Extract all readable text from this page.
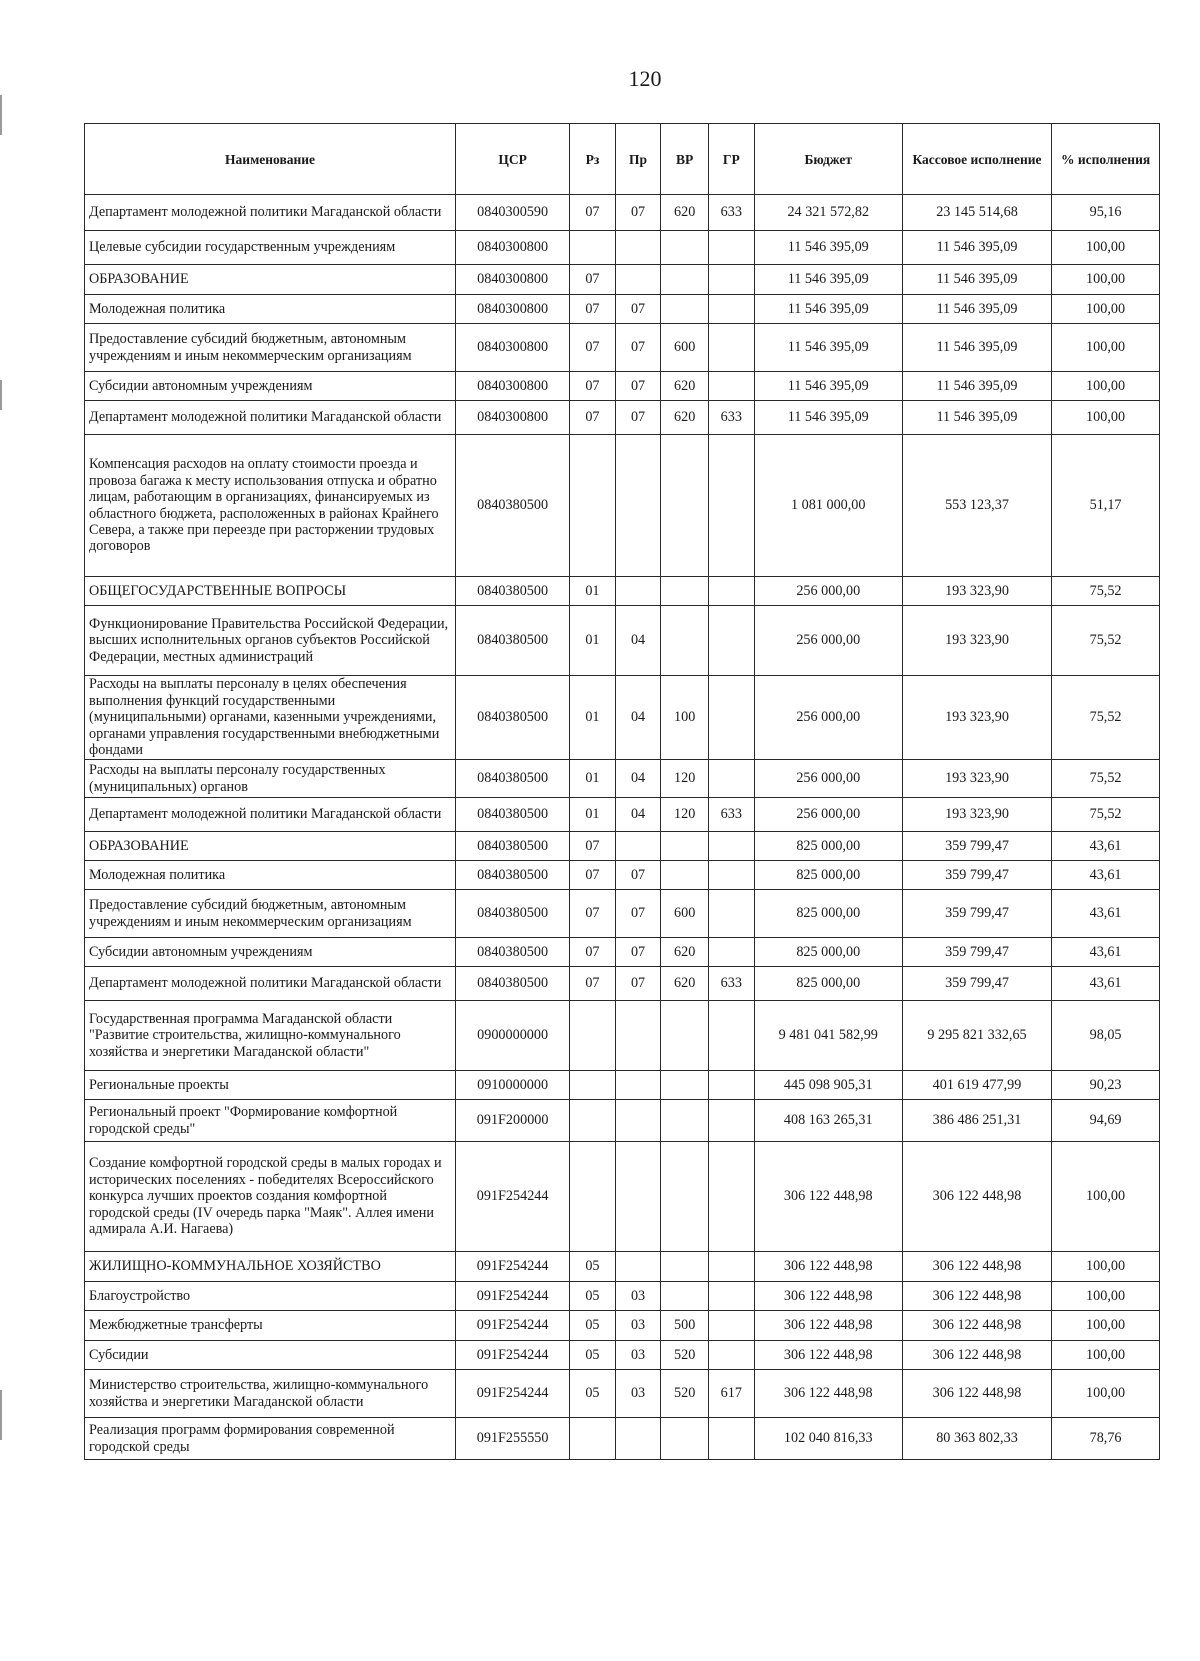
120
Наименование	ЦСР	Рз	Пр	ВР	ГР	Бюджет	Кассовое исполнение	% исполнения
Департамент молодежной политики Магаданской области	0840300590	07	07	620	633	24 321 572,82	23 145 514,68	95,16
Целевые субсидии государственным учреждениям	0840300800					11 546 395,09	11 546 395,09	100,00
ОБРАЗОВАНИЕ	0840300800	07				11 546 395,09	11 546 395,09	100,00
Молодежная политика	0840300800	07	07			11 546 395,09	11 546 395,09	100,00
Предоставление субсидий бюджетным, автономным учреждениям и иным некоммерческим организациям	0840300800	07	07	600		11 546 395,09	11 546 395,09	100,00
Субсидии автономным учреждениям	0840300800	07	07	620		11 546 395,09	11 546 395,09	100,00
Департамент молодежной политики Магаданской области	0840300800	07	07	620	633	11 546 395,09	11 546 395,09	100,00
Компенсация расходов на оплату стоимости проезда и провоза багажа к месту использования отпуска и обратно лицам, работающим в организациях, финансируемых из областного бюджета, расположенных в районах Крайнего Севера, а также при переезде при расторжении трудовых договоров	0840380500					1 081 000,00	553 123,37	51,17
ОБЩЕГОСУДАРСТВЕННЫЕ ВОПРОСЫ	0840380500	01				256 000,00	193 323,90	75,52
Функционирование Правительства Российской Федерации, высших исполнительных органов субъектов Российской Федерации, местных администраций	0840380500	01	04			256 000,00	193 323,90	75,52
Расходы на выплаты персоналу в целях обеспечения выполнения функций государственными (муниципальными) органами, казенными учреждениями, органами управления государственными внебюджетными фондами	0840380500	01	04	100		256 000,00	193 323,90	75,52
Расходы на выплаты персоналу государственных (муниципальных) органов	0840380500	01	04	120		256 000,00	193 323,90	75,52
Департамент молодежной политики Магаданской области	0840380500	01	04	120	633	256 000,00	193 323,90	75,52
ОБРАЗОВАНИЕ	0840380500	07				825 000,00	359 799,47	43,61
Молодежная политика	0840380500	07	07			825 000,00	359 799,47	43,61
Предоставление субсидий бюджетным, автономным учреждениям и иным некоммерческим организациям	0840380500	07	07	600		825 000,00	359 799,47	43,61
Субсидии автономным учреждениям	0840380500	07	07	620		825 000,00	359 799,47	43,61
Департамент молодежной политики Магаданской области	0840380500	07	07	620	633	825 000,00	359 799,47	43,61
Государственная программа Магаданской области "Развитие строительства, жилищно-коммунального хозяйства и энергетики Магаданской области"	0900000000					9 481 041 582,99	9 295 821 332,65	98,05
Региональные проекты	0910000000					445 098 905,31	401 619 477,99	90,23
Региональный проект "Формирование комфортной городской среды"	091F200000					408 163 265,31	386 486 251,31	94,69
Создание комфортной городской среды в малых городах и исторических поселениях - победителях Всероссийского конкурса лучших проектов создания комфортной городской среды (IV очередь парка "Маяк". Аллея имени адмирала А.И. Нагаева)	091F254244					306 122 448,98	306 122 448,98	100,00
ЖИЛИЩНО-КОММУНАЛЬНОЕ ХОЗЯЙСТВО	091F254244	05				306 122 448,98	306 122 448,98	100,00
Благоустройство	091F254244	05	03			306 122 448,98	306 122 448,98	100,00
Межбюджетные трансферты	091F254244	05	03	500		306 122 448,98	306 122 448,98	100,00
Субсидии	091F254244	05	03	520		306 122 448,98	306 122 448,98	100,00
Министерство строительства, жилищно-коммунального хозяйства и энергетики Магаданской области	091F254244	05	03	520	617	306 122 448,98	306 122 448,98	100,00
Реализация программ формирования современной городской среды	091F255550					102 040 816,33	80 363 802,33	78,76
